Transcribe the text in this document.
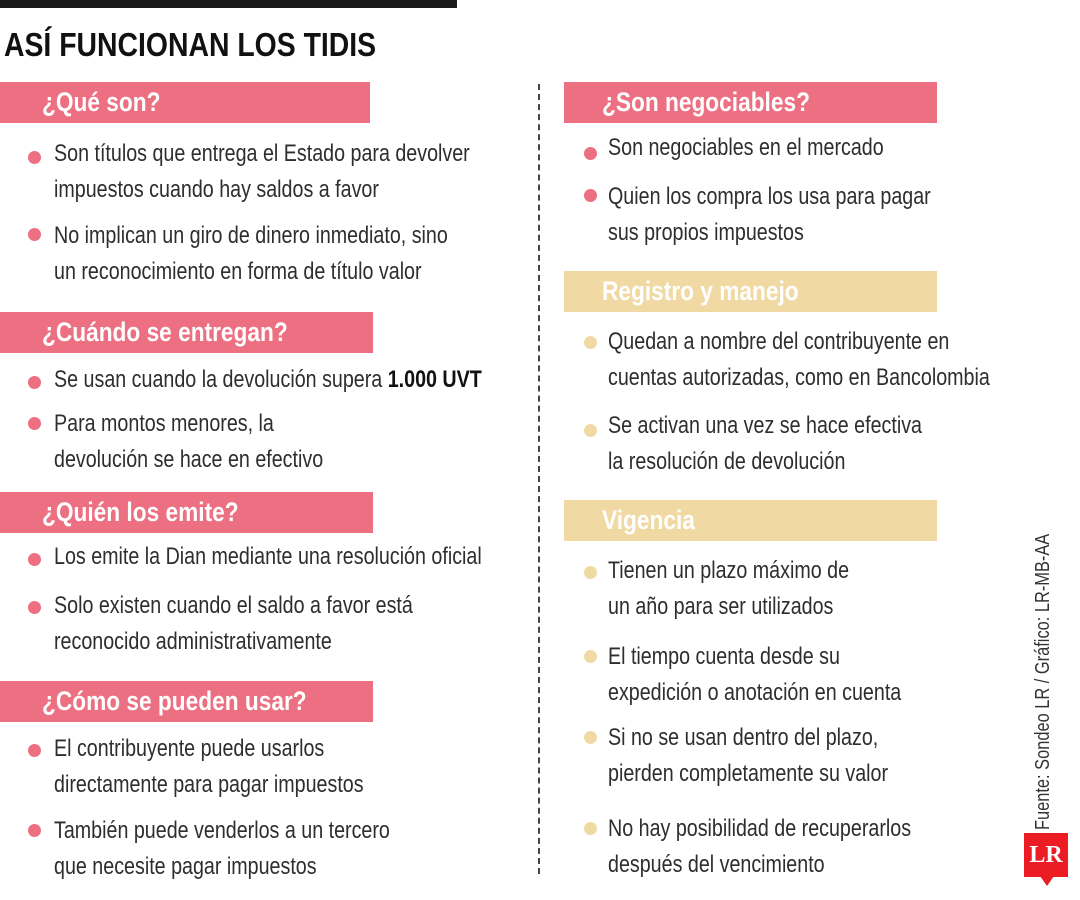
ASÍ FUNCIONAN LOS TIDIS
¿Qué son?
Son títulos que entrega el Estado para devolver
impuestos cuando hay saldos a favor
No implican un giro de dinero inmediato, sino
un reconocimiento en forma de título valor
¿Cuándo se entregan?
Se usan cuando la devolución supera 1.000 UVT
Para montos menores, la
devolución se hace en efectivo
¿Quién los emite?
Los emite la Dian mediante una resolución oficial
Solo existen cuando el saldo a favor está
reconocido administrativamente
¿Cómo se pueden usar?
El contribuyente puede usarlos
directamente para pagar impuestos
También puede venderlos a un tercero
que necesite pagar impuestos
¿Son negociables?
Son negociables en el mercado
Quien los compra los usa para pagar
sus propios impuestos
Registro y manejo
Quedan a nombre del contribuyente en
cuentas autorizadas, como en Bancolombia
Se activan una vez se hace efectiva
la resolución de devolución
Vigencia
Tienen un plazo máximo de
un año para ser utilizados
El tiempo cuenta desde su
expedición o anotación en cuenta
Si no se usan dentro del plazo,
pierden completamente su valor
No hay posibilidad de recuperarlos
después del vencimiento
Fuente: Sondeo LR / Gráfico: LR-MB-AA
LR
